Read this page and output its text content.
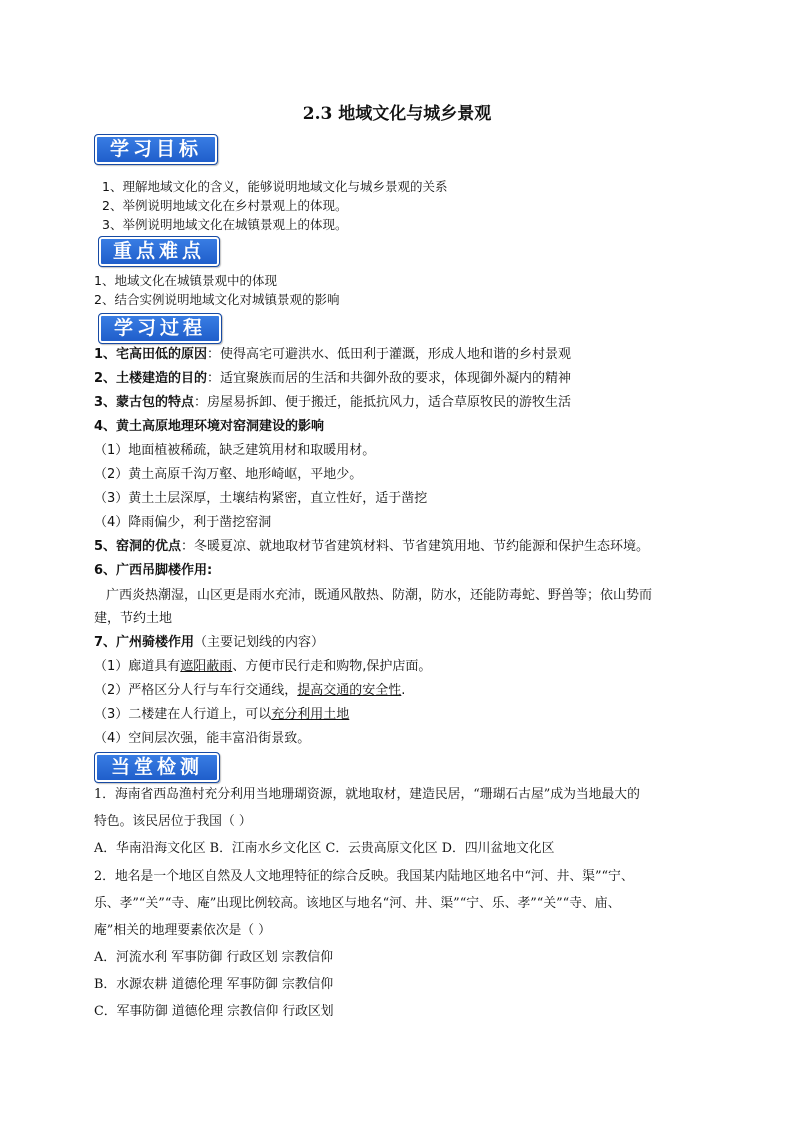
2.3 地域文化与城乡景观
学习目标
1、理解地域文化的含义，能够说明地域文化与城乡景观的关系
2、举例说明地域文化在乡村景观上的体现。
3、举例说明地域文化在城镇景观上的体现。
重点难点
1、地域文化在城镇景观中的体现
2、结合实例说明地域文化对城镇景观的影响
学习过程
1、宅高田低的原因：使得高宅可避洪水、低田利于灌溉，形成人地和谐的乡村景观
2、土楼建造的目的：适宜聚族而居的生活和共御外敌的要求，体现御外凝内的精神
3、蒙古包的特点：房屋易拆卸、便于搬迁，能抵抗风力，适合草原牧民的游牧生活
4、黄土高原地理环境对窑洞建设的影响
（1）地面植被稀疏，缺乏建筑用材和取暖用材。
（2）黄土高原千沟万壑、地形崎岖，平地少。
（3）黄土土层深厚，土壤结构紧密，直立性好，适于凿挖
（4）降雨偏少，利于凿挖窑洞
5、窑洞的优点：冬暖夏凉、就地取材节省建筑材料、节省建筑用地、节约能源和保护生态环境。
6、广西吊脚楼作用:
广西炎热潮湿，山区更是雨水充沛，既通风散热、防潮，防水，还能防毒蛇、野兽等；依山势而
建，节约土地
7、广州骑楼作用（主要记划线的内容）
（1）廊道具有遮阳蔽雨、方便市民行走和购物,保护店面。
（2）严格区分人行与车行交通线，提高交通的安全性.
（3）二楼建在人行道上，可以充分利用土地
（4）空间层次强，能丰富沿街景致。
当堂检测
1．海南省西岛渔村充分利用当地珊瑚资源，就地取材，建造民居，“珊瑚石古屋”成为当地最大的
特色。该民居位于我国（ ）
A．华南沿海文化区 B．江南水乡文化区 C．云贵高原文化区 D．四川盆地文化区
2．地名是一个地区自然及人文地理特征的综合反映。我国某内陆地区地名中“河、井、渠”“宁、
乐、孝”“关”“寺、庵”出现比例较高。该地区与地名“河、井、渠”“宁、乐、孝”“关”“寺、庙、
庵”相关的地理要素依次是（ ）
A．河流水利 军事防御 行政区划 宗教信仰
B．水源农耕 道德伦理 军事防御 宗教信仰
C．军事防御 道德伦理 宗教信仰 行政区划
